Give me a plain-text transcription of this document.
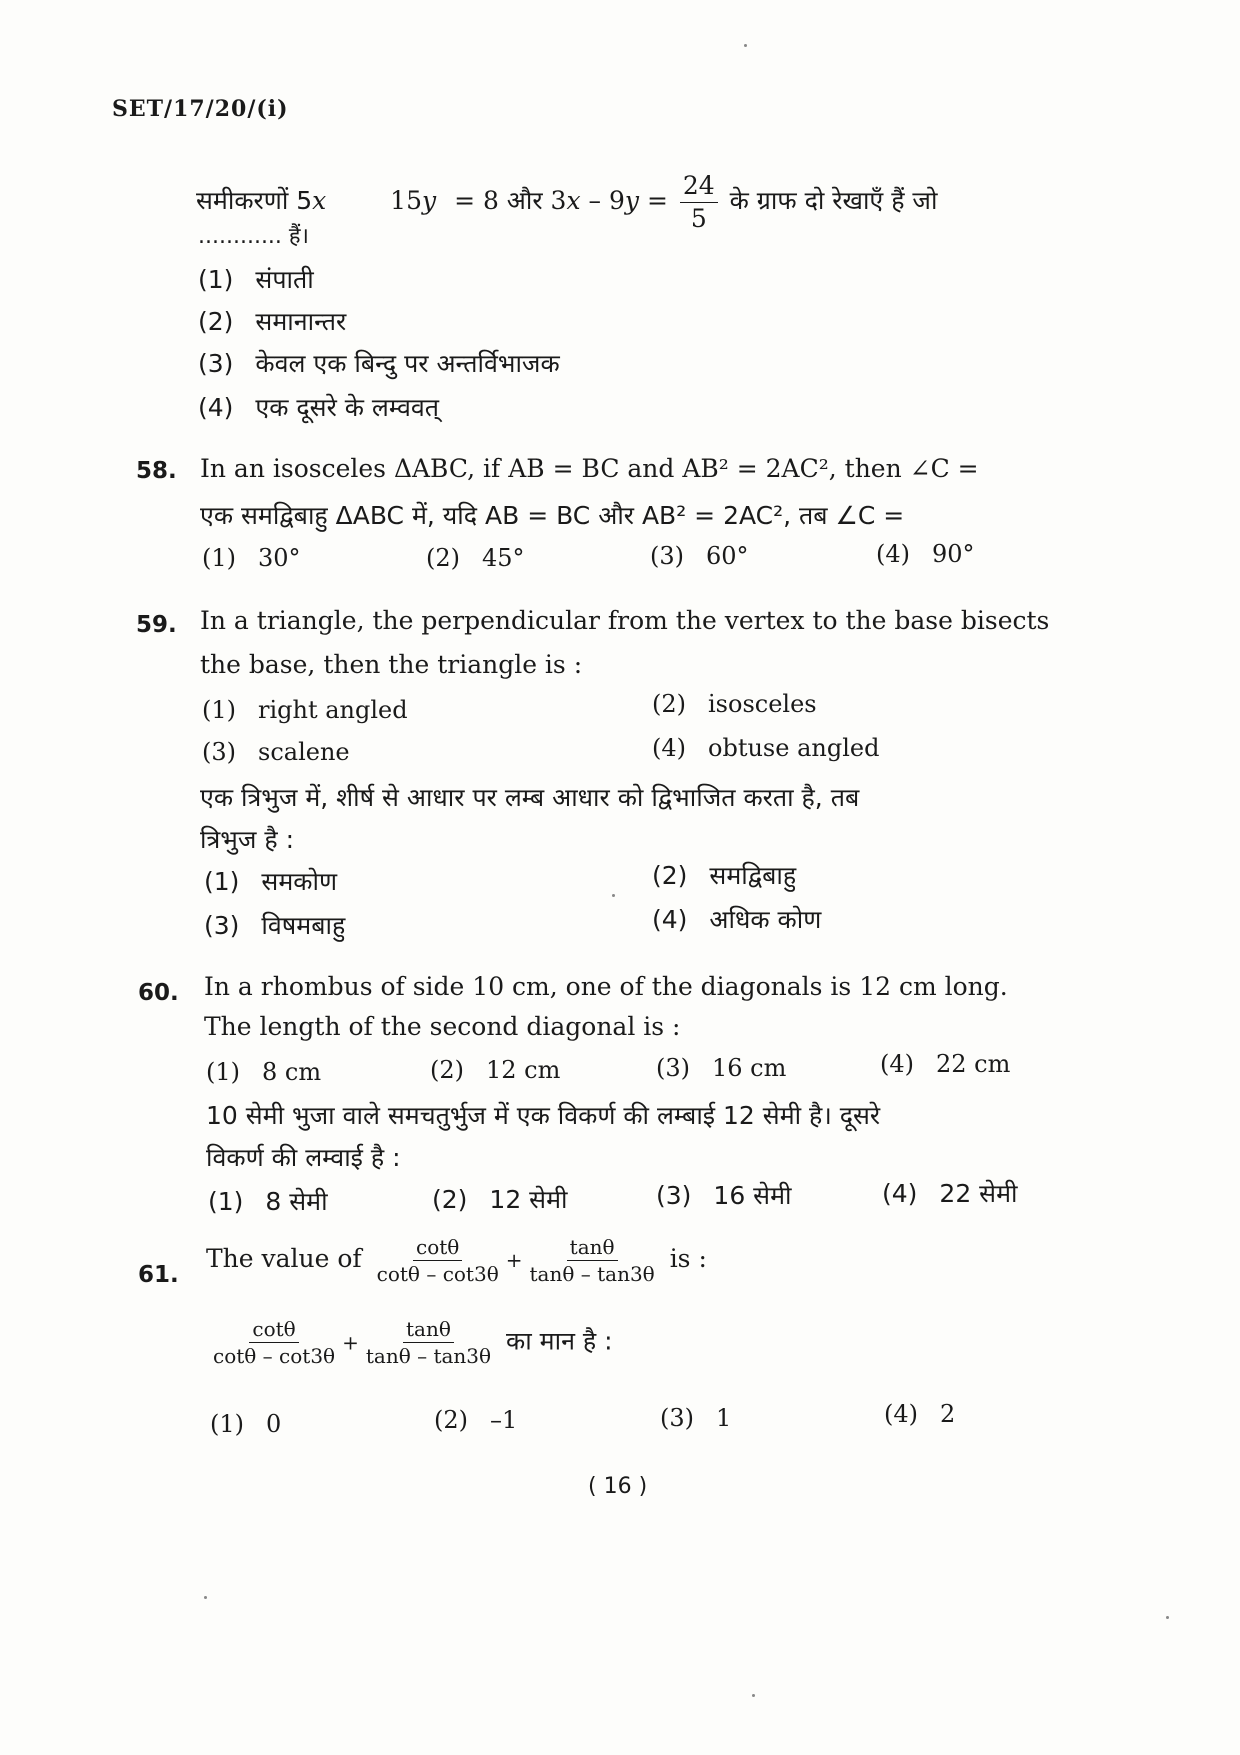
SET/17/20/(i)
समीकरणों 5x	15y = 8 और $3x - 9y = \frac{24}{5}$ के ग्राफ दो रेखाएँ हैं जो
............ हैं।
(1) संपाती
(2) समानान्तर
(3) केवल एक बिन्दु पर अन्तर्विभाजक
(4) एक दूसरे के लम्ववत्
58. In an isosceles ΔABC, if AB = BC and AB² = 2AC², then ∠C =
एक समद्विबाहु ΔABC में, यदि AB = BC और AB² = 2AC², तब ∠C =
(1) 30°	(2) 45°	(3) 60°	(4) 90°
59. In a triangle, the perpendicular from the vertex to the base bisects
the base, then the triangle is :
(1) right angled	(2) isosceles
(3) scalene	(4) obtuse angled
एक त्रिभुज में, शीर्ष से आधार पर लम्ब आधार को द्विभाजित करता है, तब
त्रिभुज है :
(1) समकोण	(2) समद्विबाहु
(3) विषमबाहु	(4) अधिक कोण
60. In a rhombus of side 10 cm, one of the diagonals is 12 cm long.
The length of the second diagonal is :
(1) 8 cm	(2) 12 cm	(3) 16 cm	(4) 22 cm
10 सेमी भुजा वाले समचतुर्भुज में एक विकर्ण की लम्बाई 12 सेमी है। दूसरे
विकर्ण की लम्वाई है :
(1) 8 सेमी	(2) 12 सेमी	(3) 16 सेमी	(4) 22 सेमी
61.
The value of $\frac{\cot\theta}{\cot\theta - \cot 3\theta} + \frac{\tan\theta}{\tan\theta - \tan 3\theta}$ is :
$\frac{\cot\theta}{\cot\theta - \cot 3\theta} + \frac{\tan\theta}{\tan\theta - \tan 3\theta}$ का मान है :
(1) 0	(2) –1	(3) 1	(4) 2
( 16 )
